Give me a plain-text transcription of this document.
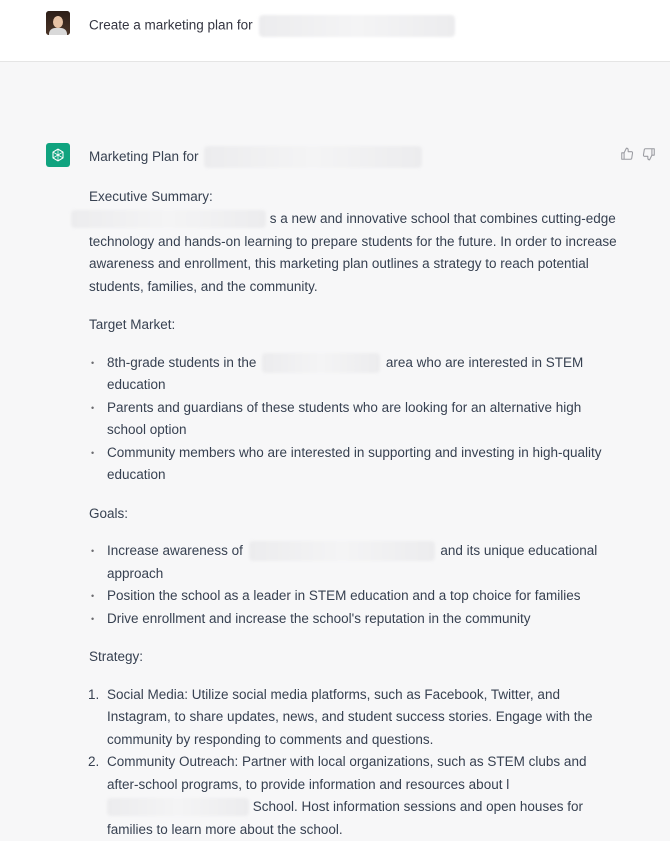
Create a marketing plan for

Marketing Plan for

Executive Summary:

s a new and innovative school that combines cutting-edge technology and hands-on learning to prepare students for the future. In order to increase awareness and enrollment, this marketing plan outlines a strategy to reach potential students, families, and the community.

Target Market:

• 8th-grade students in the	area who are interested in STEM education
• Parents and guardians of these students who are looking for an alternative high school option
• Community members who are interested in supporting and investing in high-quality education

Goals:

• Increase awareness of	and its unique educational approach
• Position the school as a leader in STEM education and a top choice for families
• Drive enrollment and increase the school's reputation in the community

Strategy:

1. Social Media: Utilize social media platforms, such as Facebook, Twitter, and Instagram, to share updates, news, and student success stories. Engage with the community by responding to comments and questions.
2. Community Outreach: Partner with local organizations, such as STEM clubs and after-school programs, to provide information and resources about l  School. Host information sessions and open houses for families to learn more about the school.
